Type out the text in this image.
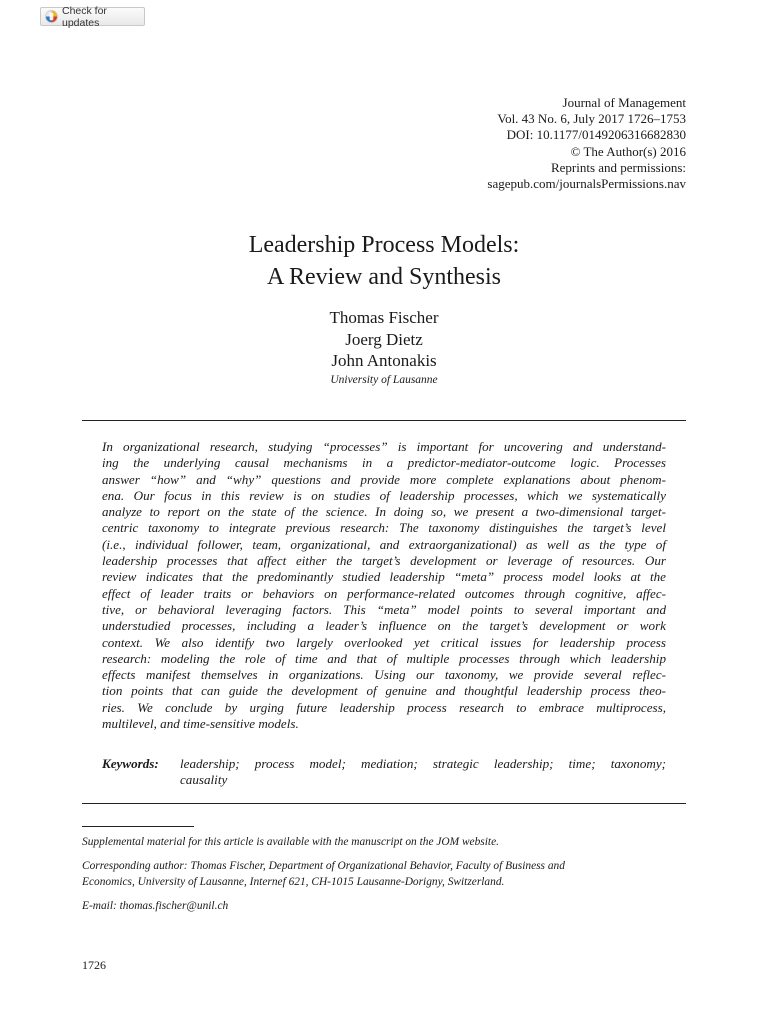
Check for updates
Journal of Management
Vol. 43 No. 6, July 2017 1726–1753
DOI: 10.1177/0149206316682830
© The Author(s) 2016
Reprints and permissions:
sagepub.com/journalsPermissions.nav
Leadership Process Models:
A Review and Synthesis
Thomas Fischer
Joerg Dietz
John Antonakis
University of Lausanne
In organizational research, studying “processes” is important for uncovering and understand-
ing the underlying causal mechanisms in a predictor-mediator-outcome logic. Processes
answer “how” and “why” questions and provide more complete explanations about phenom-
ena. Our focus in this review is on studies of leadership processes, which we systematically
analyze to report on the state of the science. In doing so, we present a two-dimensional target-
centric taxonomy to integrate previous research: The taxonomy distinguishes the target’s level
(i.e., individual follower, team, organizational, and extraorganizational) as well as the type of
leadership processes that affect either the target’s development or leverage of resources. Our
review indicates that the predominantly studied leadership “meta” process model looks at the
effect of leader traits or behaviors on performance-related outcomes through cognitive, affec-
tive, or behavioral leveraging factors. This “meta” model points to several important and
understudied processes, including a leader’s influence on the target’s development or work
context. We also identify two largely overlooked yet critical issues for leadership process
research: modeling the role of time and that of multiple processes through which leadership
effects manifest themselves in organizations. Using our taxonomy, we provide several reflec-
tion points that can guide the development of genuine and thoughtful leadership process theo-
ries. We conclude by urging future leadership process research to embrace multiprocess,
multilevel, and time-sensitive models.
Keywords:	leadership; process model; mediation; strategic leadership; time; taxonomy;
causality

Supplemental material for this article is available with the manuscript on the JOM website.

Corresponding author: Thomas Fischer, Department of Organizational Behavior, Faculty of Business and
Economics, University of Lausanne, Internef 621, CH-1015 Lausanne-Dorigny, Switzerland.

E-mail: thomas.fischer@unil.ch

1726
